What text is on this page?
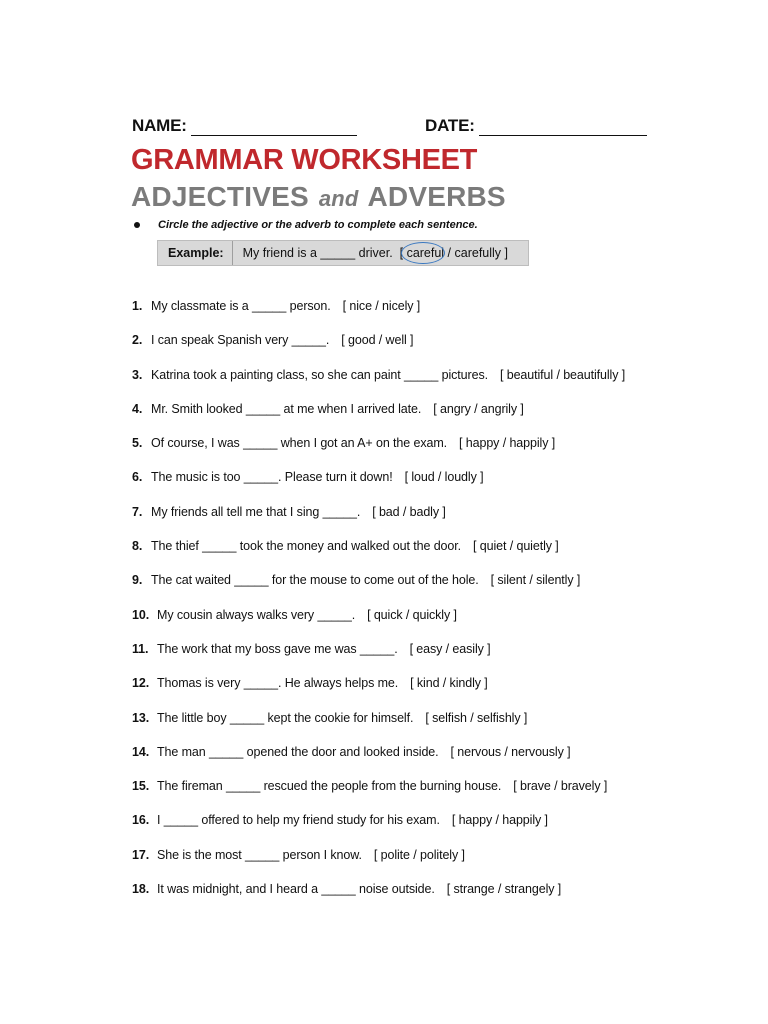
NAME:	DATE:
GRAMMAR WORKSHEET
ADJECTIVES and ADVERBS
Circle the adjective or the adverb to complete each sentence.
Example:	My friend is a _____ driver. [ careful / carefully ]
1. My classmate is a _____ person. [ nice / nicely ]
2. I can speak Spanish very _____. [ good / well ]
3. Katrina took a painting class, so she can paint _____ pictures. [ beautiful / beautifully ]
4. Mr. Smith looked _____ at me when I arrived late. [ angry / angrily ]
5. Of course, I was _____ when I got an A+ on the exam. [ happy / happily ]
6. The music is too _____. Please turn it down! [ loud / loudly ]
7. My friends all tell me that I sing _____. [ bad / badly ]
8. The thief _____ took the money and walked out the door. [ quiet / quietly ]
9. The cat waited _____ for the mouse to come out of the hole. [ silent / silently ]
10. My cousin always walks very _____. [ quick / quickly ]
11. The work that my boss gave me was _____. [ easy / easily ]
12. Thomas is very _____. He always helps me. [ kind / kindly ]
13. The little boy _____ kept the cookie for himself. [ selfish / selfishly ]
14. The man _____ opened the door and looked inside. [ nervous / nervously ]
15. The fireman _____ rescued the people from the burning house. [ brave / bravely ]
16. I _____ offered to help my friend study for his exam. [ happy / happily ]
17. She is the most _____ person I know. [ polite / politely ]
18. It was midnight, and I heard a _____ noise outside. [ strange / strangely ]
